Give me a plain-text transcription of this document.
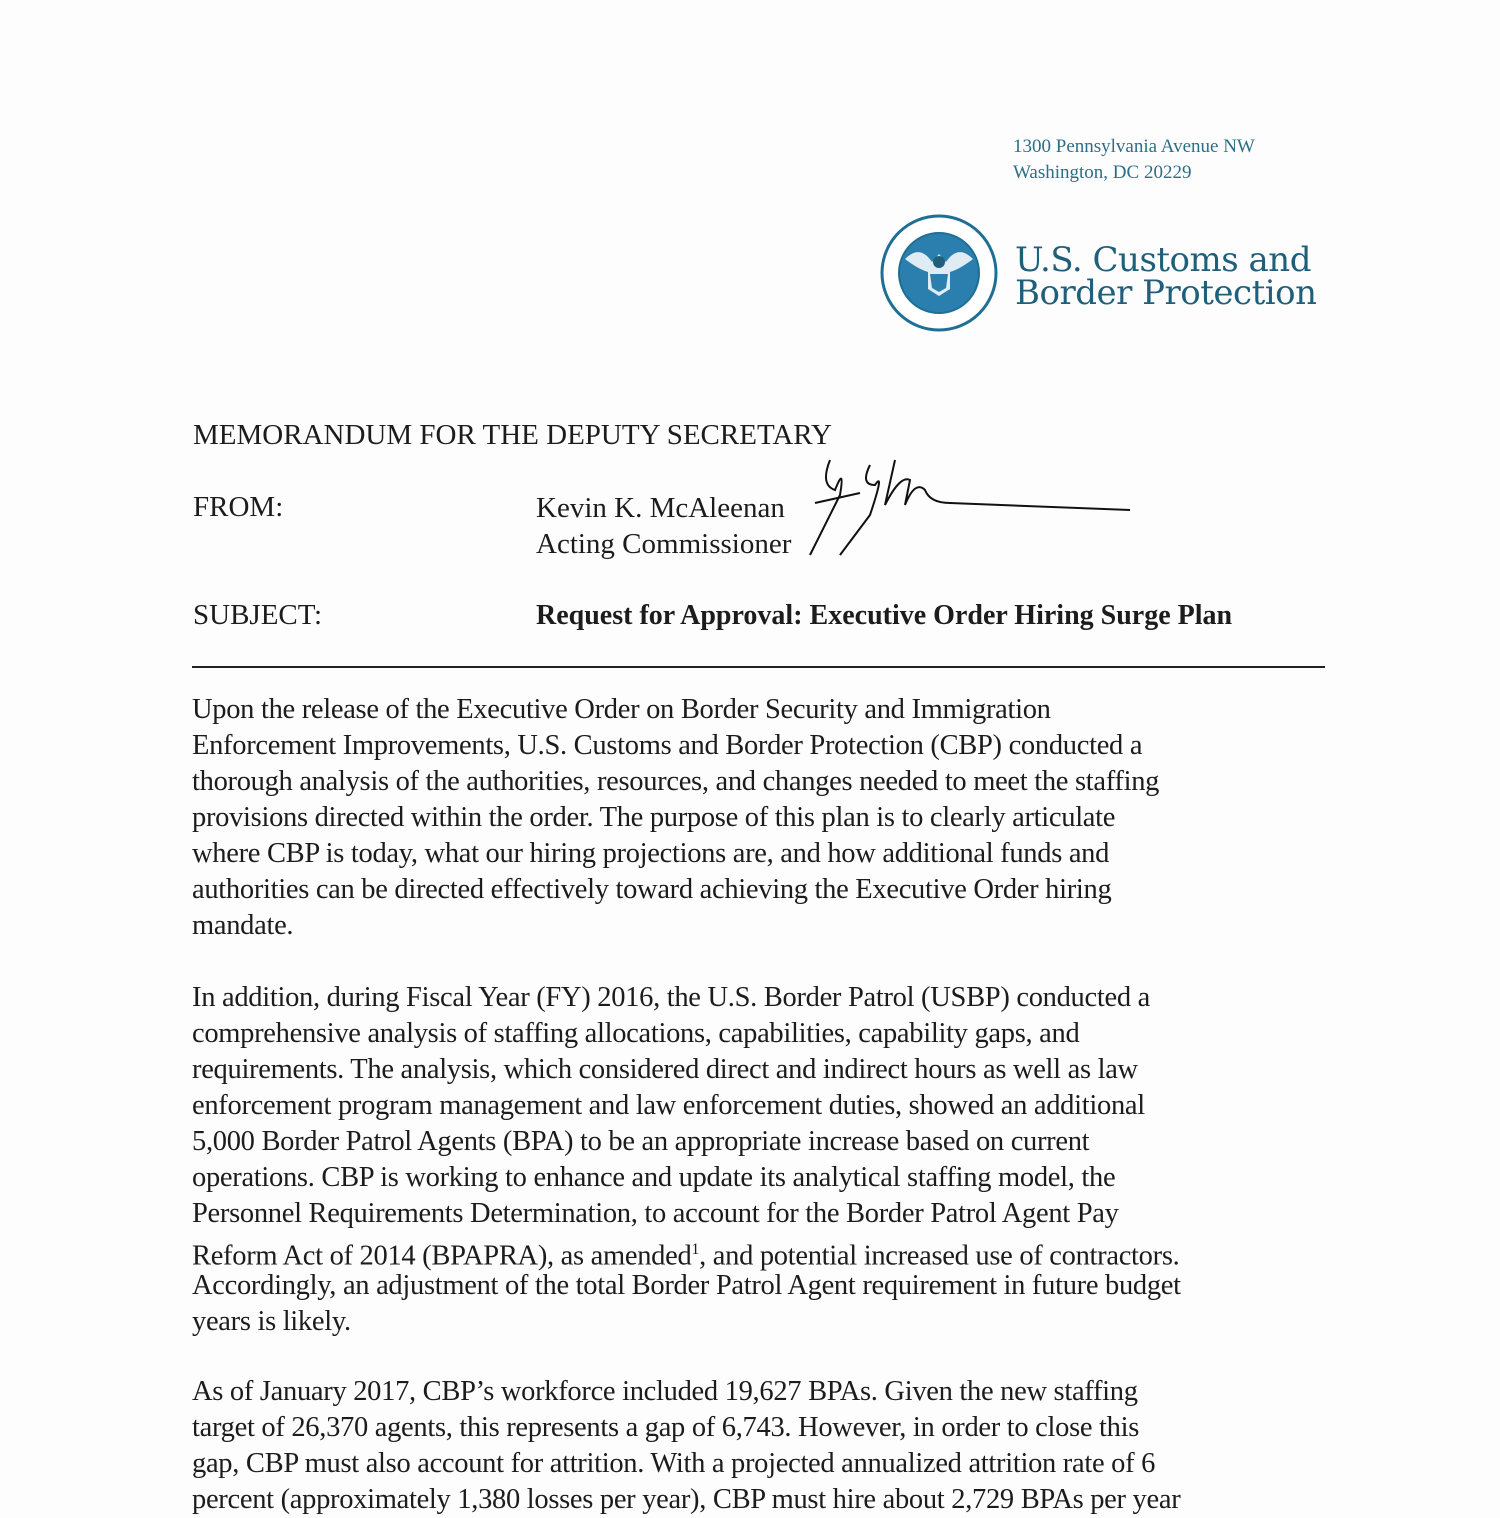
1300 Pennsylvania Avenue NW
Washington, DC 20229
U.S. Customs and
Border Protection
MEMORANDUM FOR THE DEPUTY SECRETARY
FROM:	Kevin K. McAleenan
Acting Commissioner
SUBJECT:	Request for Approval: Executive Order Hiring Surge Plan
Upon the release of the Executive Order on Border Security and Immigration
Enforcement Improvements, U.S. Customs and Border Protection (CBP) conducted a
thorough analysis of the authorities, resources, and changes needed to meet the staffing
provisions directed within the order. The purpose of this plan is to clearly articulate
where CBP is today, what our hiring projections are, and how additional funds and
authorities can be directed effectively toward achieving the Executive Order hiring
mandate.
In addition, during Fiscal Year (FY) 2016, the U.S. Border Patrol (USBP) conducted a
comprehensive analysis of staffing allocations, capabilities, capability gaps, and
requirements. The analysis, which considered direct and indirect hours as well as law
enforcement program management and law enforcement duties, showed an additional
5,000 Border Patrol Agents (BPA) to be an appropriate increase based on current
operations. CBP is working to enhance and update its analytical staffing model, the
Personnel Requirements Determination, to account for the Border Patrol Agent Pay
Reform Act of 2014 (BPAPRA), as amended$^1$, and potential increased use of contractors.
Accordingly, an adjustment of the total Border Patrol Agent requirement in future budget
years is likely.
As of January 2017, CBP’s workforce included 19,627 BPAs. Given the new staffing
target of 26,370 agents, this represents a gap of 6,743. However, in order to close this
gap, CBP must also account for attrition. With a projected annualized attrition rate of 6
percent (approximately 1,380 losses per year), CBP must hire about 2,729 BPAs per year
